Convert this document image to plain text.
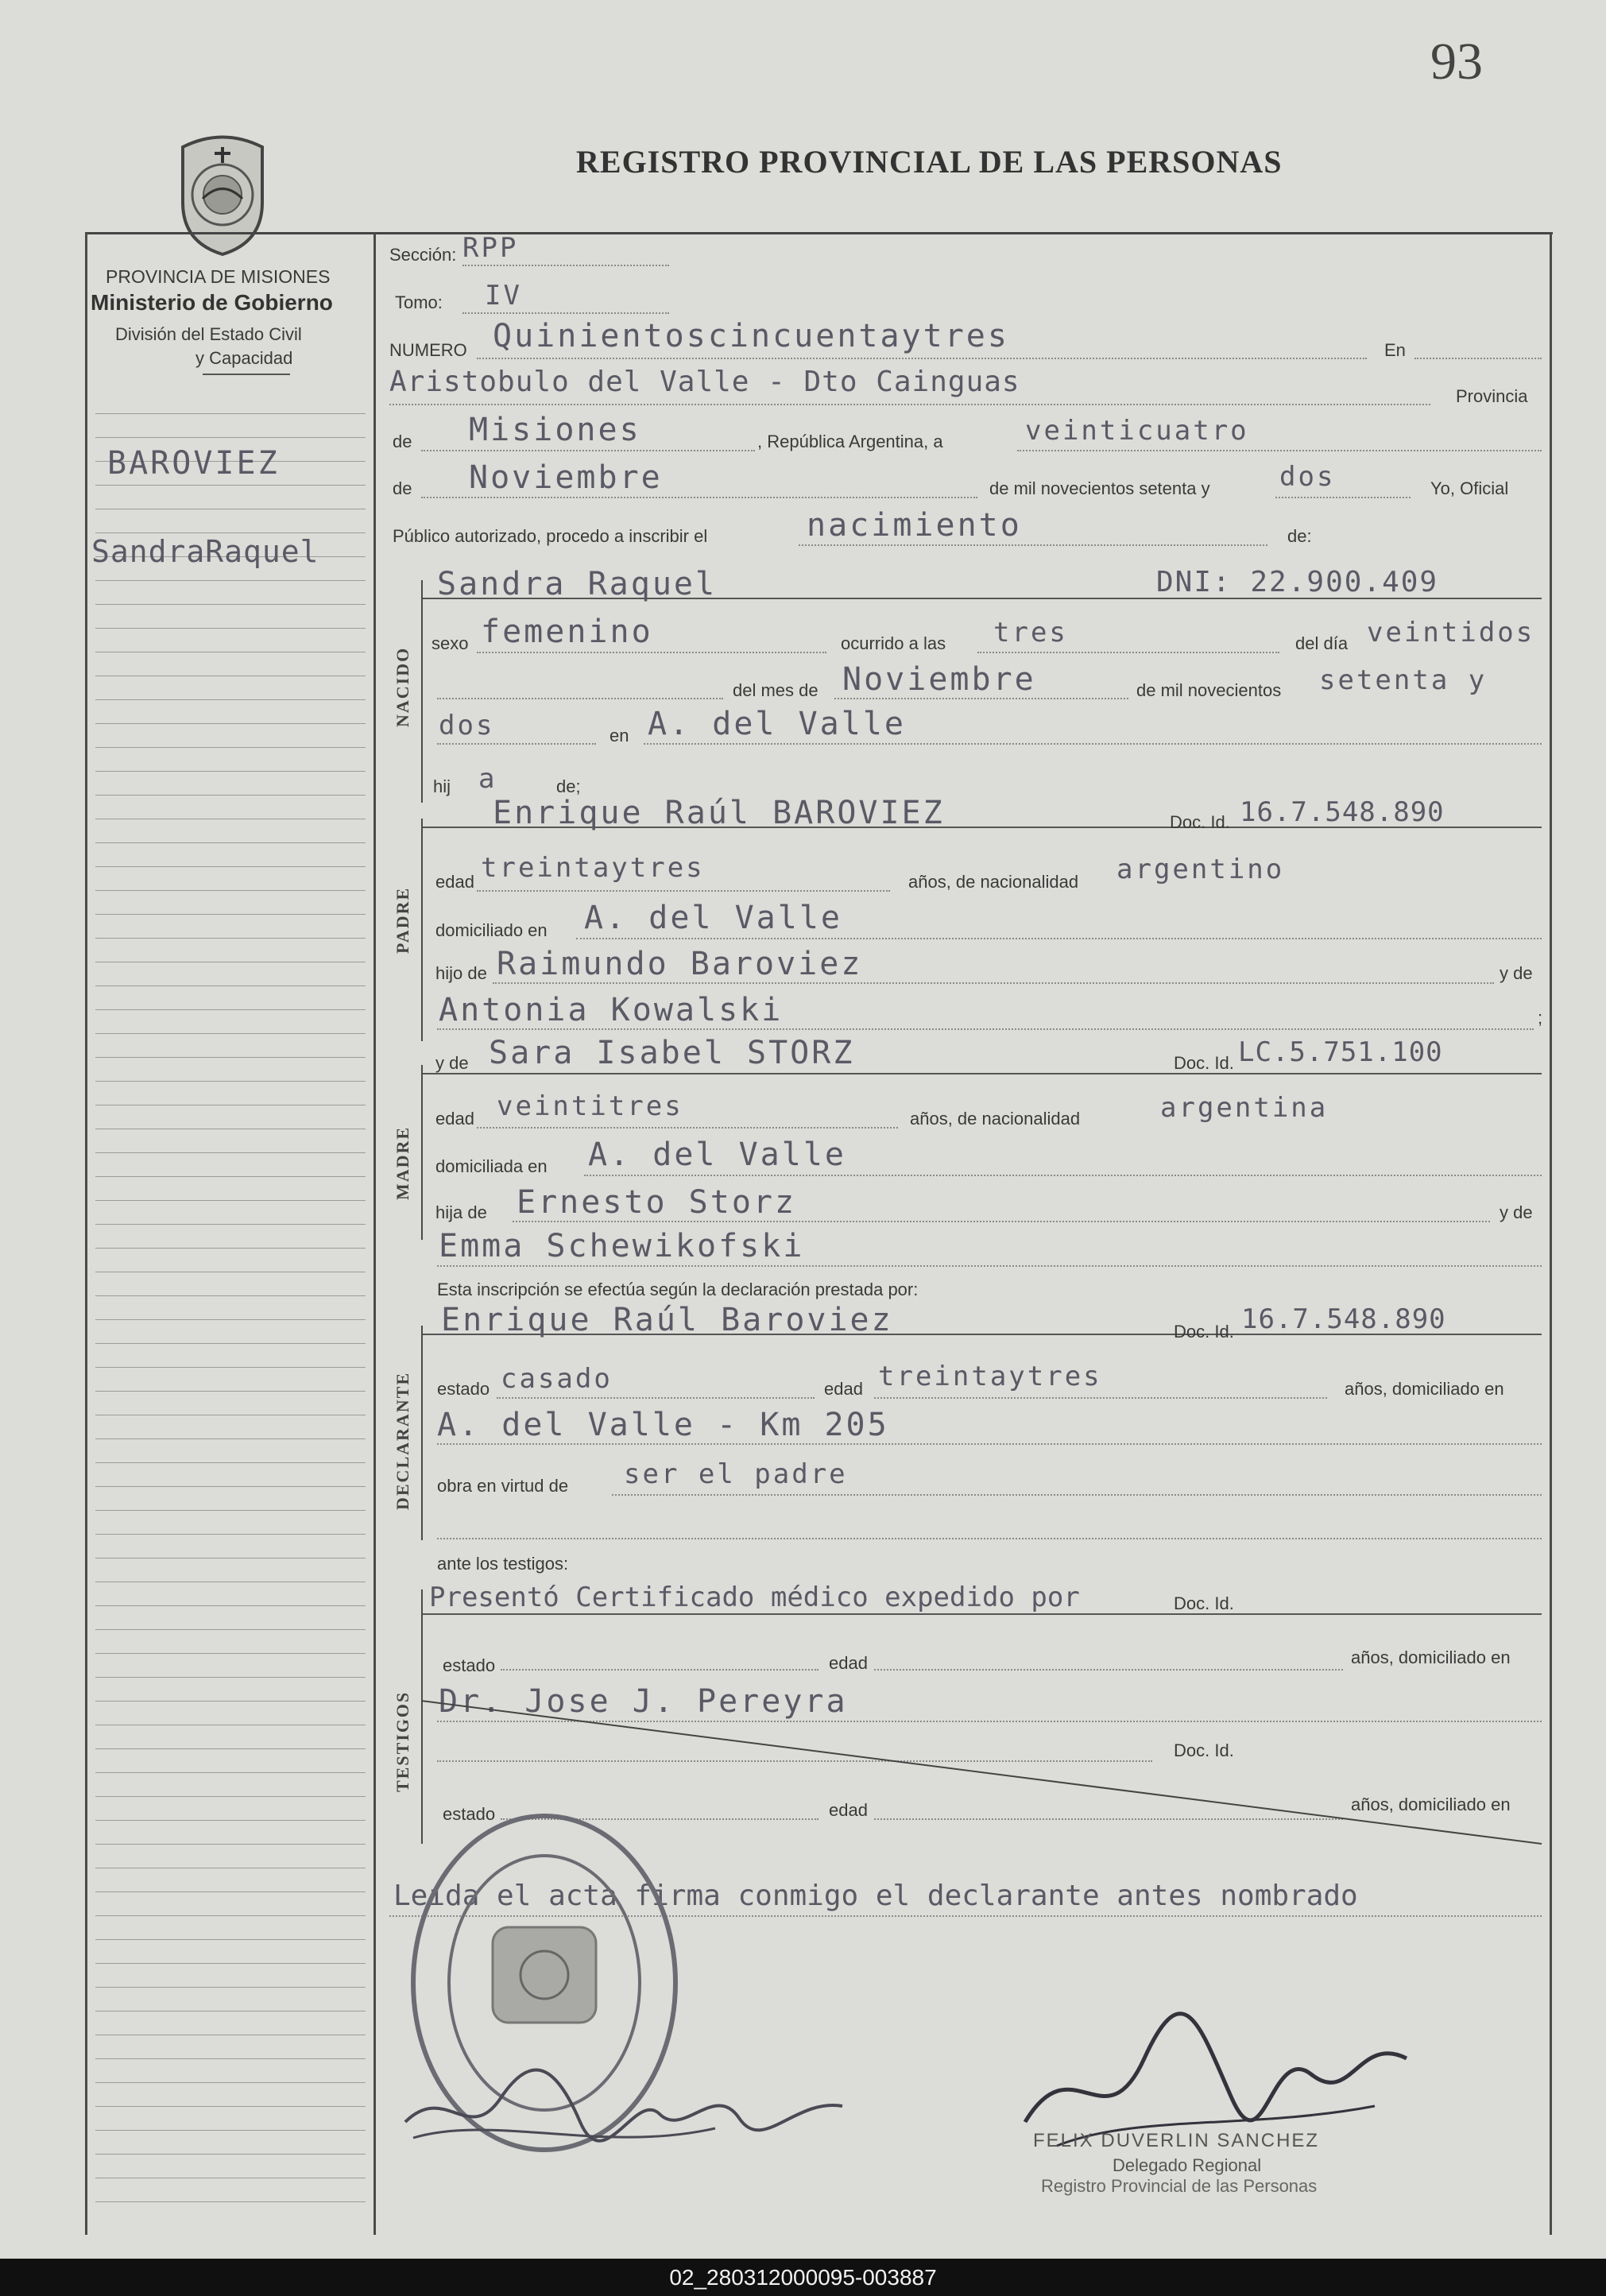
93
REGISTRO PROVINCIAL DE LAS PERSONAS
PROVINCIA DE MISIONES
Ministerio de Gobierno
División del Estado Civil
y Capacidad
BAROVIEZ
SandraRaquel
Sección: RPP
Tomo: IV
NUMERO Quinientoscincuentaytres	En
Aristobulo del Valle - Dto Cainguas	Provincia
de Misiones	, República Argentina, a	veinticuatro
de Noviembre	de mil novecientos setenta y	dos	Yo, Oficial
Público autorizado, procedo a inscribir el	nacimiento	de:
NACIDO
Sandra Raquel	DNI: 22.900.409
sexo femenino	ocurrido a las tres	del día veintidos
del mes de Noviembre	de mil novecientos setenta y
dos	en A. del Valle
hij a	de;
PADRE
Enrique Raúl BAROVIEZ	Doc. Id. 16.7.548.890
edad treintaytres	años, de nacionalidad argentino
domiciliado en A. del Valle
hijo de Raimundo Baroviez	y de
Antonia Kowalski	;
MADRE
y de Sara Isabel STORZ	Doc. Id. LC.5.751.100
edad veintitres	años, de nacionalidad	argentina
domiciliada en A. del Valle
hija de Ernesto Storz	y de
Emma Schewikofski
Esta inscripción se efectúa según la declaración prestada por:
DECLARANTE
Enrique Raúl Baroviez	Doc. Id. 16.7.548.890
estado casado	edad treintaytres	años, domiciliado en
A. del Valle - Km 205
obra en virtud de ser el padre
ante los testigos:
TESTIGOS
Presentó Certificado médico expedido por	Doc. Id.
estado	edad	años, domiciliado en
Dr. Jose J. Pereyra
Doc. Id.
estado	edad	años, domiciliado en
Leída el acta firma conmigo el declarante antes nombrado
FELIX DUVERLIN SANCHEZ
Delegado Regional
Registro Provincial de las Personas
02_280312000095-003887
